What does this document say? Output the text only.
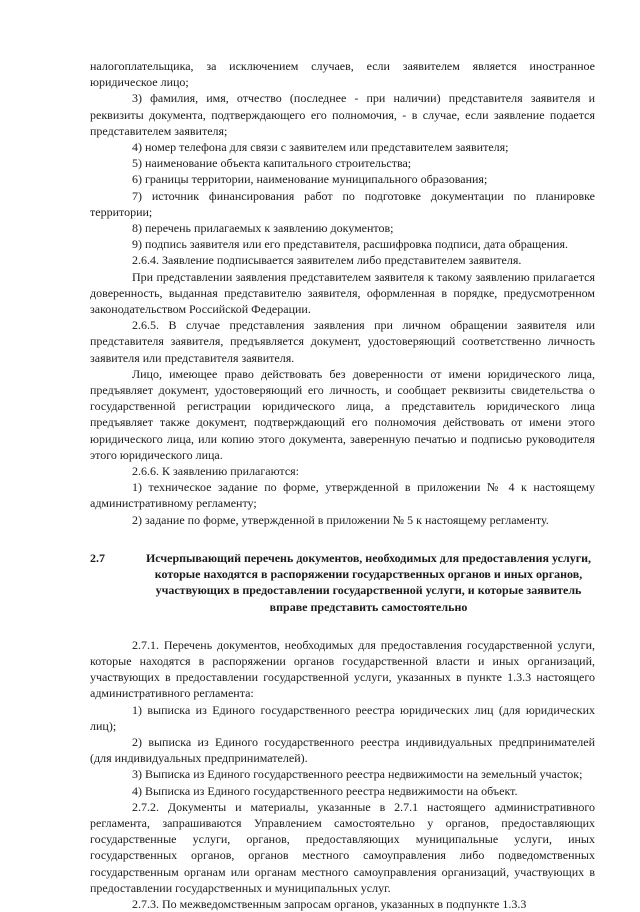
налогоплательщика, за исключением случаев, если заявителем является иностранное юридическое лицо;

3) фамилия, имя, отчество (последнее - при наличии) представителя заявителя и реквизиты документа, подтверждающего его полномочия, - в случае, если заявление подается представителем заявителя;

4) номер телефона для связи с заявителем или представителем заявителя;

5) наименование объекта капитального строительства;

6) границы территории, наименование муниципального образования;

7) источник финансирования работ по подготовке документации по планировке территории;

8) перечень прилагаемых к заявлению документов;

9) подпись заявителя или его представителя, расшифровка подписи, дата обращения.

2.6.4. Заявление подписывается заявителем либо представителем заявителя.

При представлении заявления представителем заявителя к такому заявлению прилагается доверенность, выданная представителю заявителя, оформленная в порядке, предусмотренном законодательством Российской Федерации.

2.6.5. В случае представления заявления при личном обращении заявителя или представителя заявителя, предъявляется документ, удостоверяющий соответственно личность заявителя или представителя заявителя.

Лицо, имеющее право действовать без доверенности от имени юридического лица, предъявляет документ, удостоверяющий его личность, и сообщает реквизиты свидетельства о государственной регистрации юридического лица, а представитель юридического лица предъявляет также документ, подтверждающий его полномочия действовать от имени этого юридического лица, или копию этого документа, заверенную печатью и подписью руководителя этого юридического лица.

2.6.6. К заявлению прилагаются:

1) техническое задание по форме, утвержденной в приложении № 4 к настоящему административному регламенту;

2) задание по форме, утвержденной в приложении № 5 к настоящему регламенту.

2.7	Исчерпывающий перечень документов, необходимых для предоставления услуги, которые находятся в распоряжении государственных органов и иных органов, участвующих в предоставлении государственной услуги, и которые заявитель вправе представить самостоятельно

2.7.1. Перечень документов, необходимых для предоставления государственной услуги, которые находятся в распоряжении органов государственной власти и иных организаций, участвующих в предоставлении государственной услуги, указанных в пункте 1.3.3 настоящего административного регламента:

1) выписка из Единого государственного реестра юридических лиц (для юридических лиц);

2) выписка из Единого государственного реестра индивидуальных предпринимателей (для индивидуальных предпринимателей).

3) Выписка из Единого государственного реестра недвижимости на земельный участок;

4) Выписка из Единого государственного реестра недвижимости на объект.

2.7.2. Документы и материалы, указанные в 2.7.1 настоящего административного регламента, запрашиваются Управлением самостоятельно у органов, предоставляющих государственные услуги, органов, предоставляющих муниципальные услуги, иных государственных органов, органов местного самоуправления либо подведомственных государственным органам или органам местного самоуправления организаций, участвующих в предоставлении государственных и муниципальных услуг.

2.7.3. По межведомственным запросам органов, указанных в подпункте 1.3.3
